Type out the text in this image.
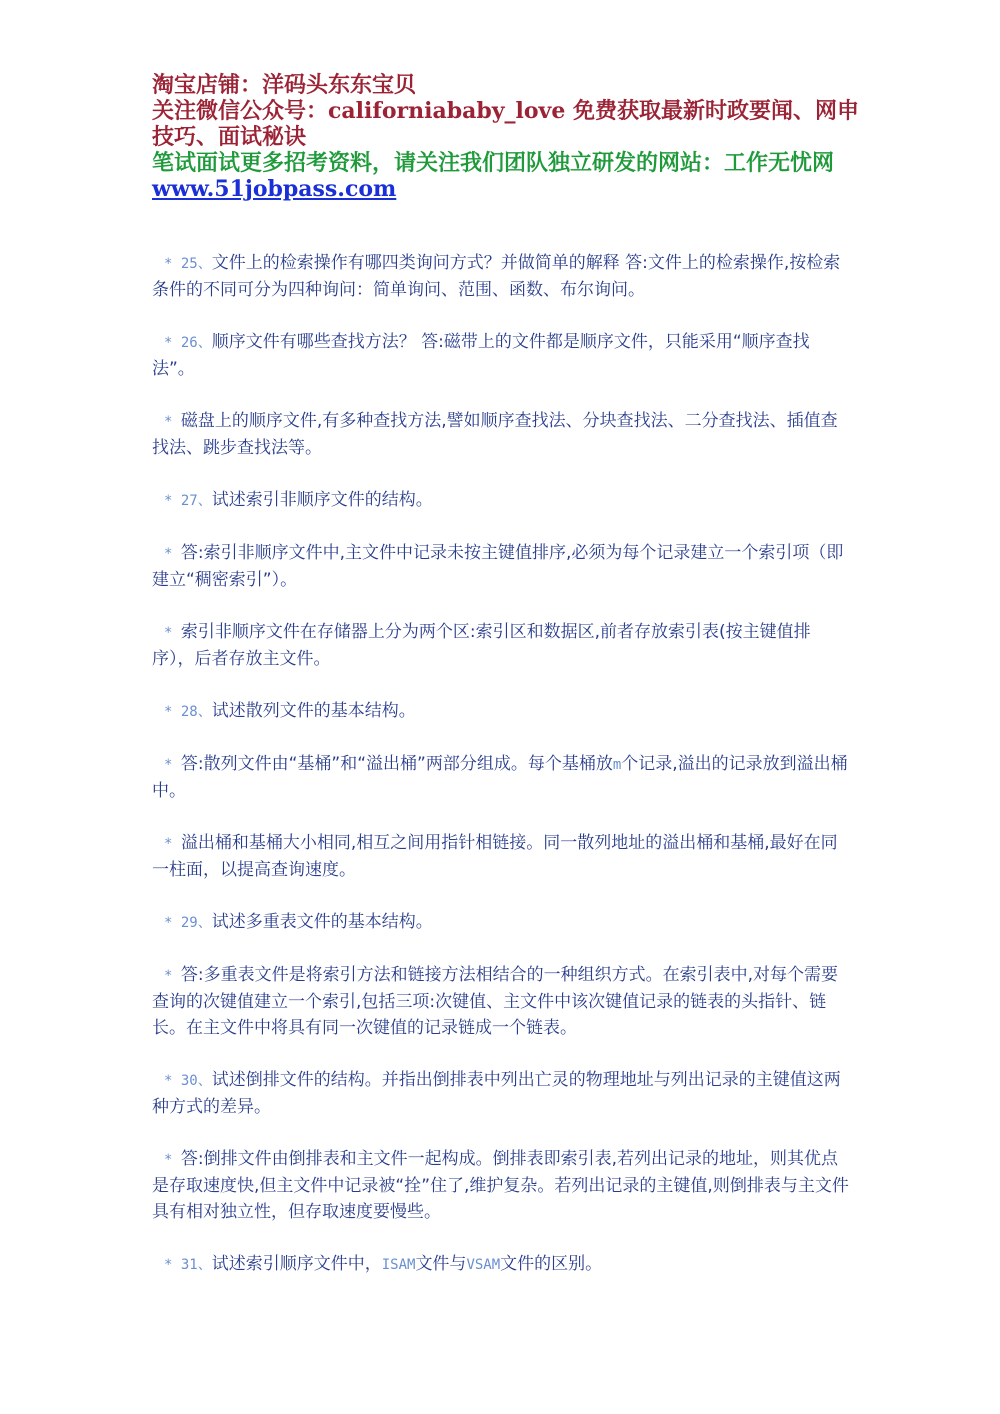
淘宝店铺：洋码头东东宝贝
关注微信公众号：californiababy_love 免费获取最新时政要闻、网申技巧、面试秘诀
笔试面试更多招考资料，请关注我们团队独立研发的网站：工作无忧网 www.51jobpass.com

* 25、文件上的检索操作有哪四类询问方式？并做简单的解释 答:文件上的检索操作,按检索条件的不同可分为四种询问：简单询问、范围、函数、布尔询问。

* 26、顺序文件有哪些查找方法？ 答:磁带上的文件都是顺序文件，只能采用“顺序查找法”。

* 磁盘上的顺序文件,有多种查找方法,譬如顺序查找法、分块查找法、二分查找法、插值查找法、跳步查找法等。

* 27、试述索引非顺序文件的结构。

* 答:索引非顺序文件中,主文件中记录未按主键值排序,必须为每个记录建立一个索引项（即建立“稠密索引”）。

* 索引非顺序文件在存储器上分为两个区:索引区和数据区,前者存放索引表(按主键值排序），后者存放主文件。

* 28、试述散列文件的基本结构。

* 答:散列文件由“基桶”和“溢出桶”两部分组成。每个基桶放m个记录,溢出的记录放到溢出桶中。

* 溢出桶和基桶大小相同,相互之间用指针相链接。同一散列地址的溢出桶和基桶,最好在同一柱面，以提高查询速度。

* 29、试述多重表文件的基本结构。

* 答:多重表文件是将索引方法和链接方法相结合的一种组织方式。在索引表中,对每个需要查询的次键值建立一个索引,包括三项:次键值、主文件中该次键值记录的链表的头指针、链长。在主文件中将具有同一次键值的记录链成一个链表。

* 30、试述倒排文件的结构。并指出倒排表中列出亡灵的物理地址与列出记录的主键值这两种方式的差异。

* 答:倒排文件由倒排表和主文件一起构成。倒排表即索引表,若列出记录的地址，则其优点是存取速度快,但主文件中记录被“拴”住了,维护复杂。若列出记录的主键值,则倒排表与主文件具有相对独立性，但存取速度要慢些。

* 31、试述索引顺序文件中，ISAM文件与VSAM文件的区别。
